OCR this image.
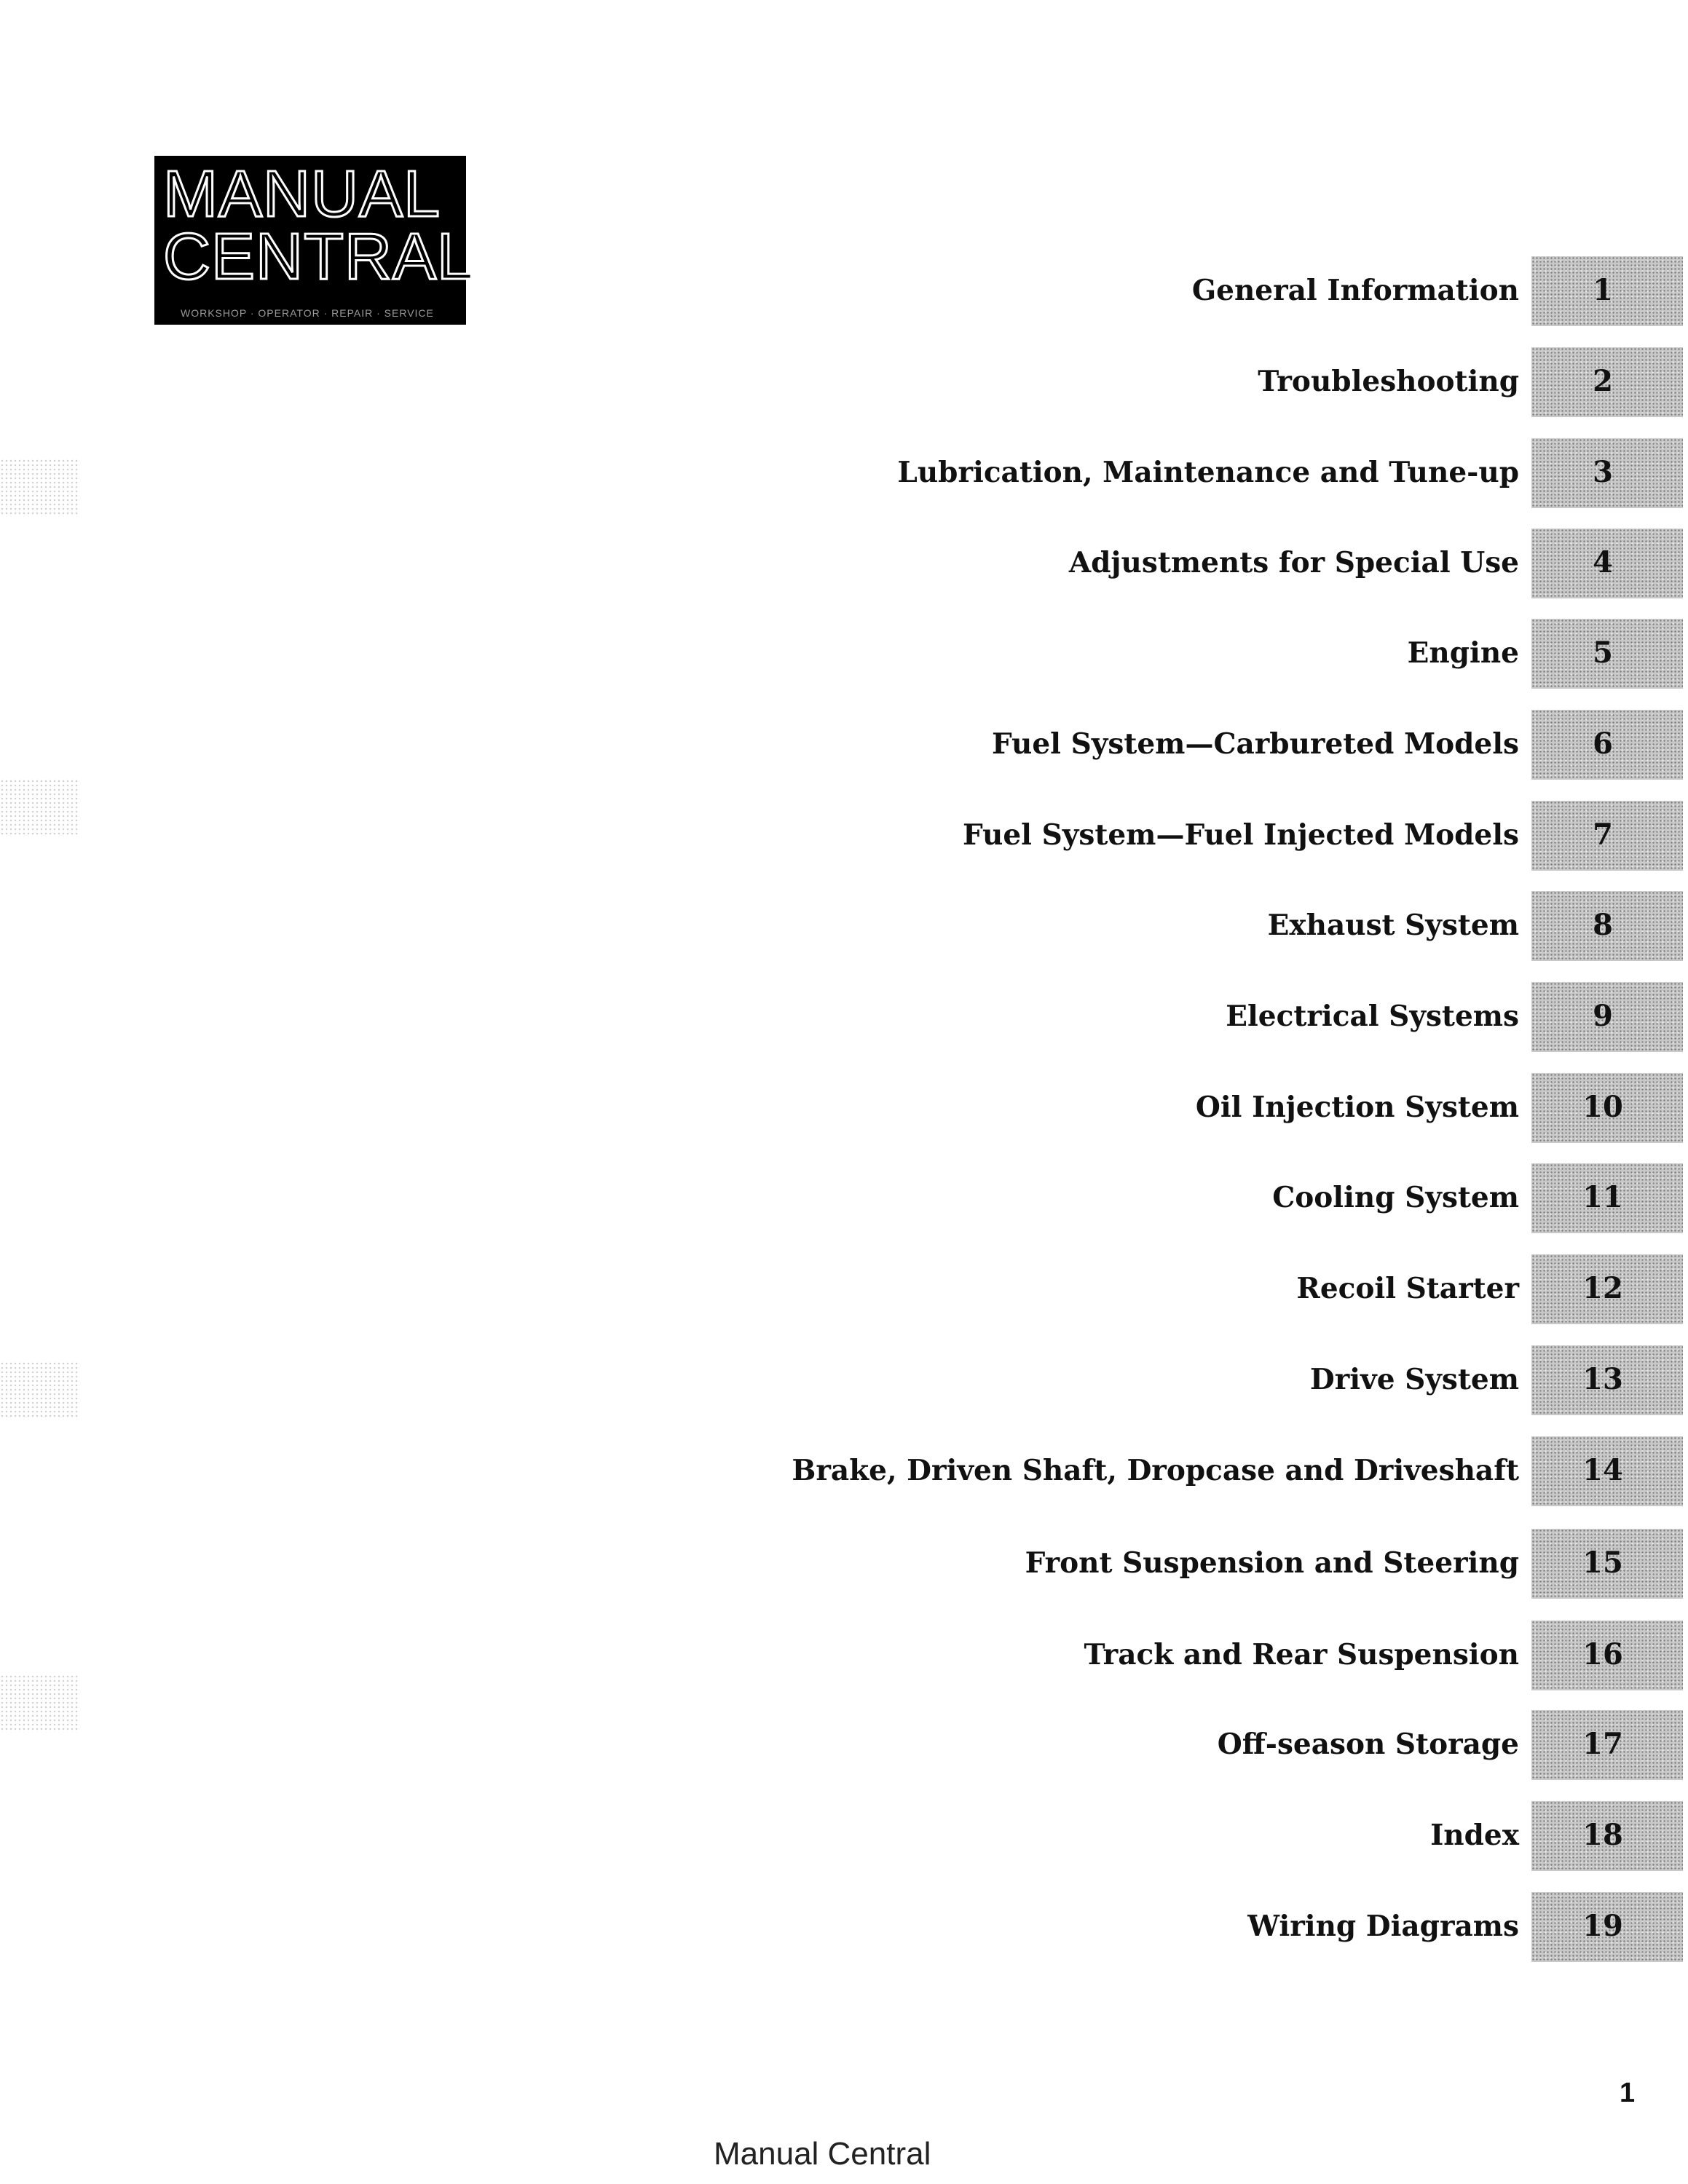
MANUAL
CENTRAL
WORKSHOP · OPERATOR · REPAIR · SERVICE
General Information	1
Troubleshooting	2
Lubrication, Maintenance and Tune-up	3
Adjustments for Special Use	4
Engine	5
Fuel System—Carbureted Models	6
Fuel System—Fuel Injected Models	7
Exhaust System	8
Electrical Systems	9
Oil Injection System	10
Cooling System	11
Recoil Starter	12
Drive System	13
Brake, Driven Shaft, Dropcase and Driveshaft	14
Front Suspension and Steering	15
Track and Rear Suspension	16
Off-season Storage	17
Index	18
Wiring Diagrams	19
1
Manual Central
